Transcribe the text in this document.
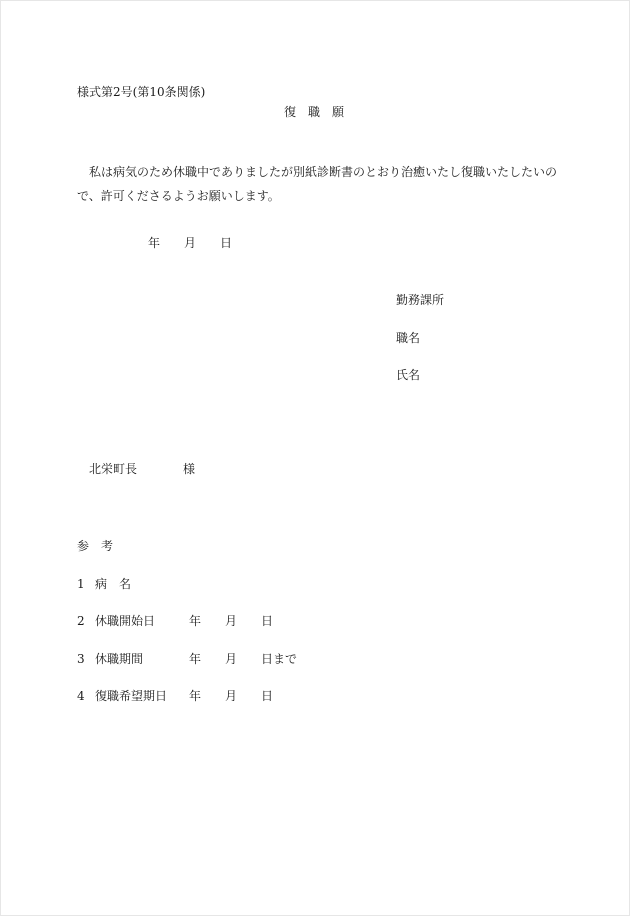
様式第2号(第10条関係)

復　職　願

私は病気のため休職中でありましたが別紙診断書のとおり治癒いたし復職いたしたいの
で、許可くださるようお願いします。
年 月 日
勤務課所
職名
氏名
北栄町長	様
参　考
1 病　名
2 休職開始日	年 月 日
3 休職期間	年 月 日まで
4 復職希望期日 年 月 日
